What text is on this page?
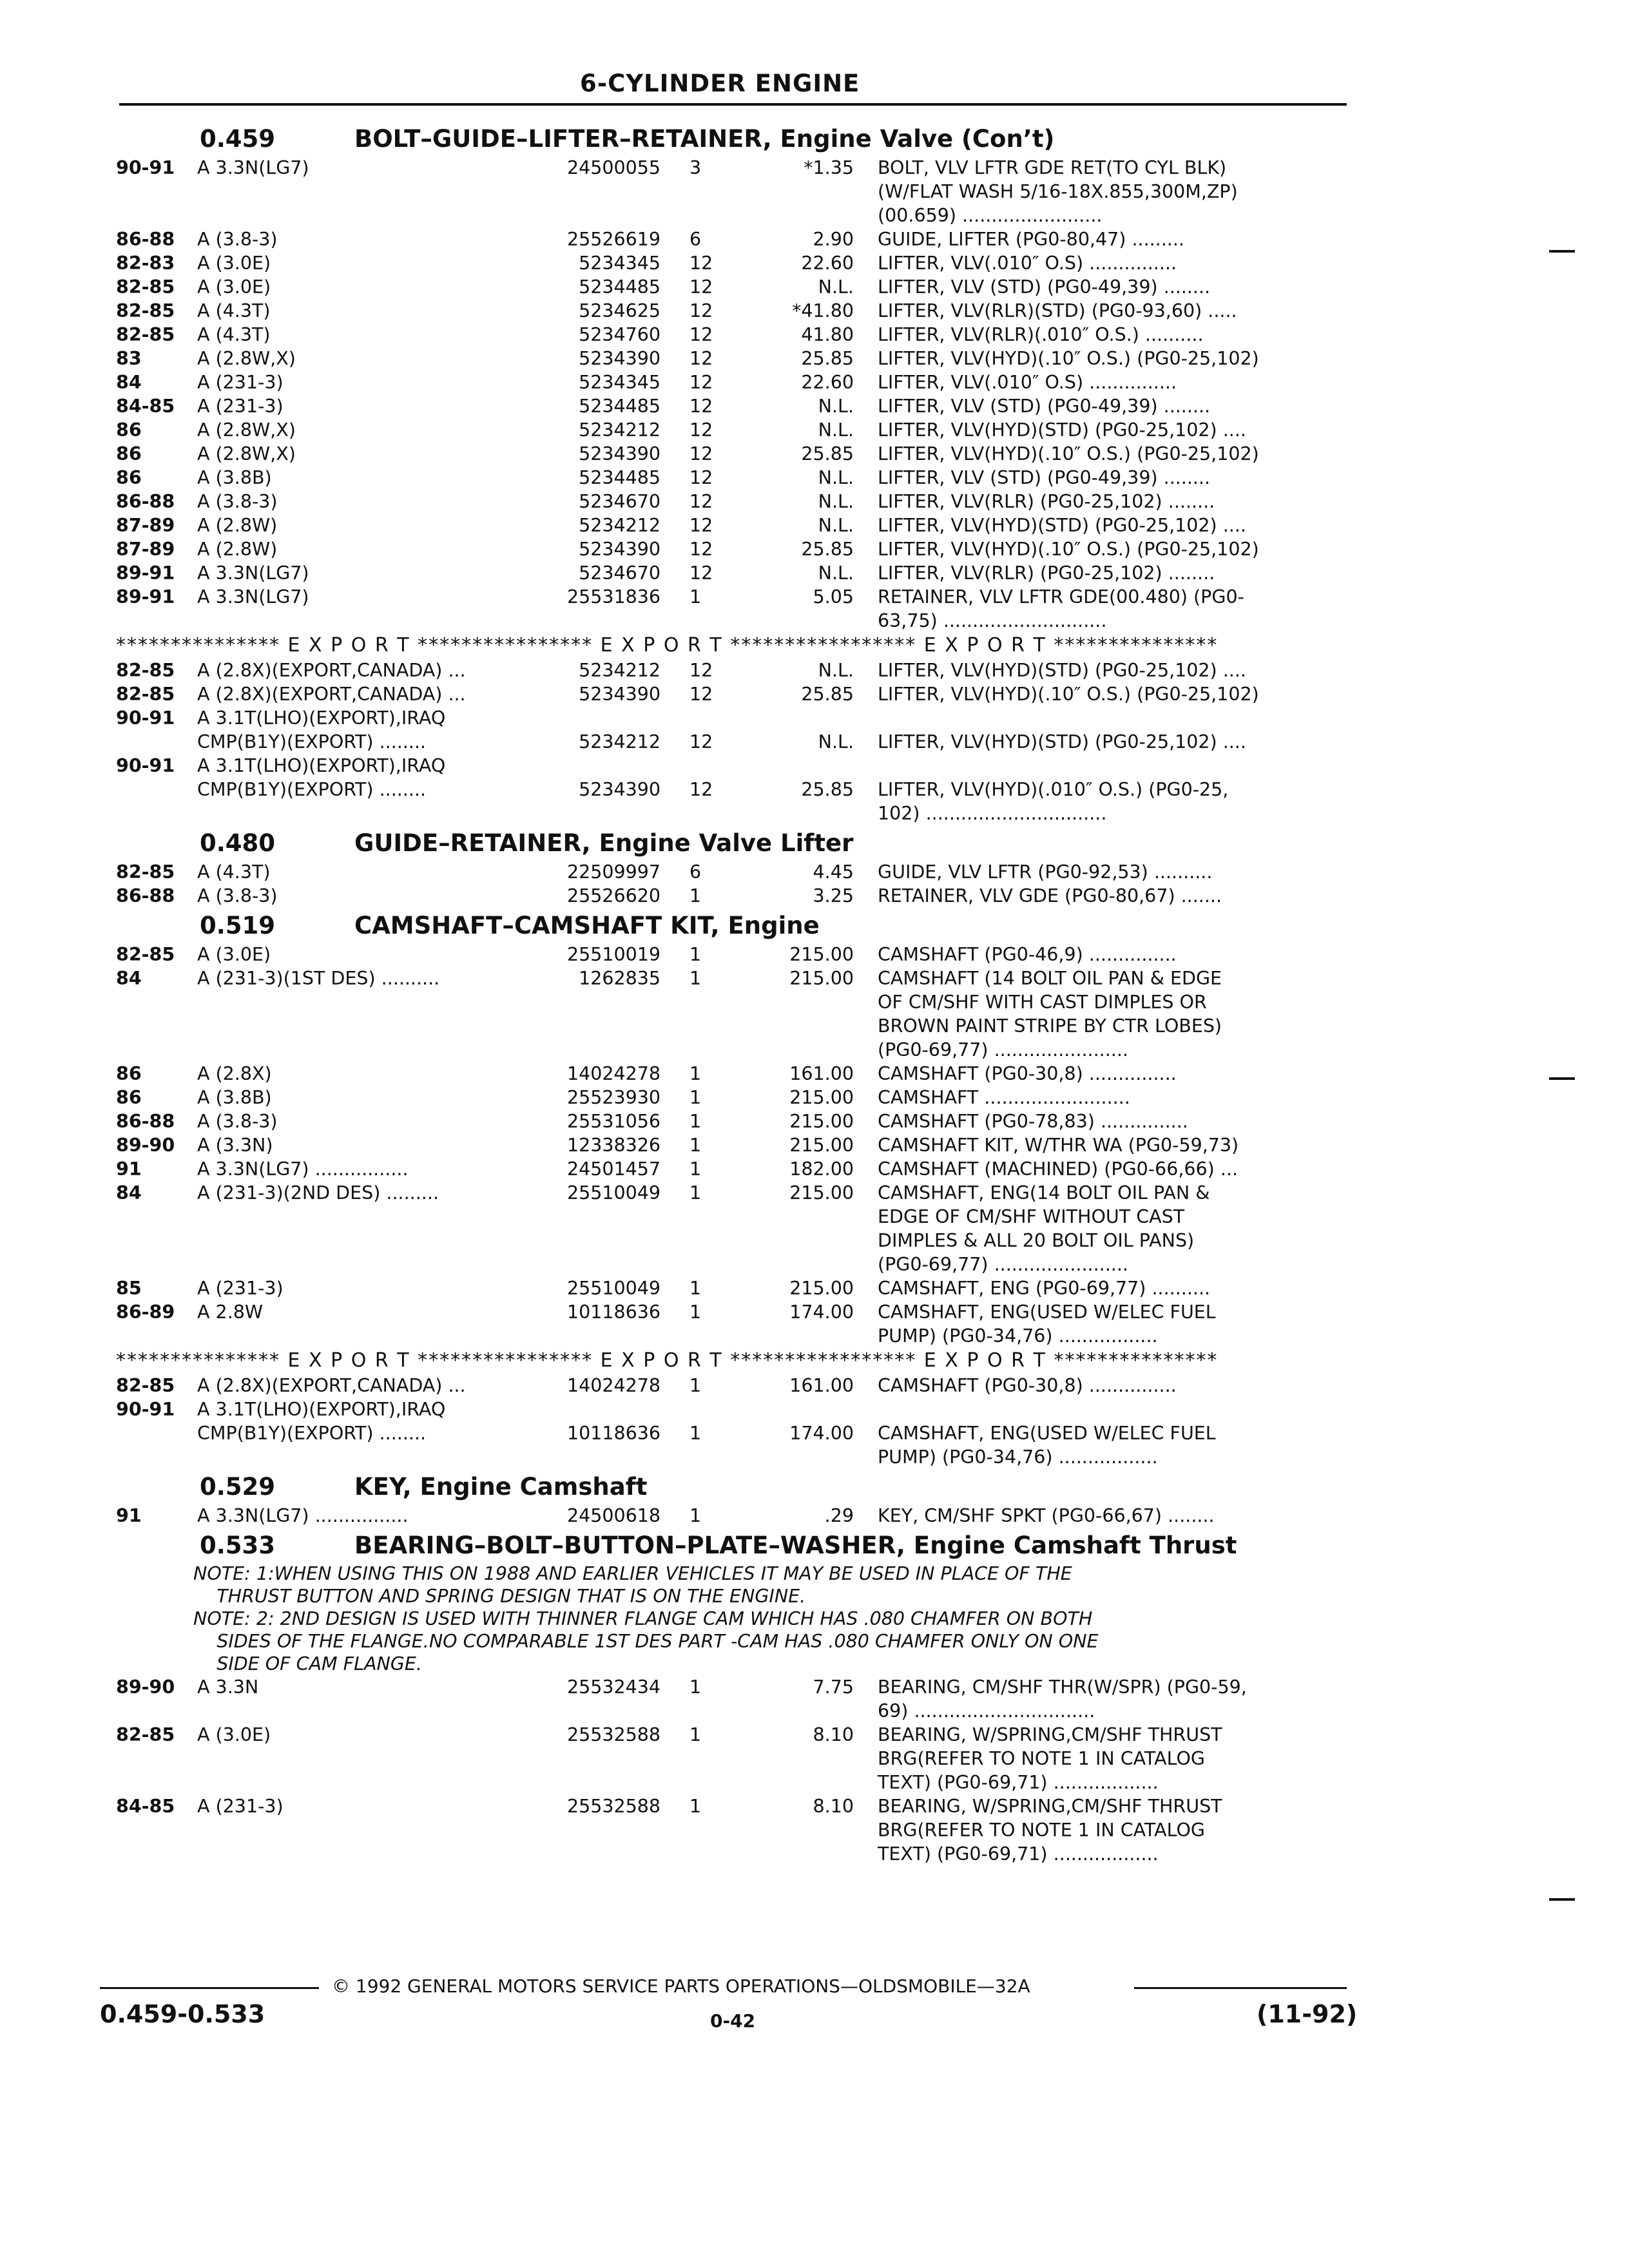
6-CYLINDER ENGINE
0.459	BOLT–GUIDE–LIFTER–RETAINER, Engine Valve (Con’t)
90-91 A 3.3N(LG7)	24500055 3	*1.35 BOLT, VLV LFTR GDE RET(TO CYL BLK)
(W/FLAT WASH 5/16-18X.855,300M,ZP)
(00.659) ........................
86-88 A (3.8-3)	25526619 6	2.90 GUIDE, LIFTER (PG0-80,47) .........
82-83 A (3.0E)	5234345 12	22.60 LIFTER, VLV(.010″ O.S) ...............
82-85 A (3.0E)	5234485 12	N.L. LIFTER, VLV (STD) (PG0-49,39) ........
82-85 A (4.3T)	5234625 12	*41.80 LIFTER, VLV(RLR)(STD) (PG0-93,60) .....
82-85 A (4.3T)	5234760 12	41.80 LIFTER, VLV(RLR)(.010″ O.S.) ..........
83	A (2.8W,X)	5234390 12	25.85 LIFTER, VLV(HYD)(.10″ O.S.) (PG0-25,102)
84	A (231-3)	5234345 12	22.60 LIFTER, VLV(.010″ O.S) ...............
84-85 A (231-3)	5234485 12	N.L. LIFTER, VLV (STD) (PG0-49,39) ........
86	A (2.8W,X)	5234212 12	N.L. LIFTER, VLV(HYD)(STD) (PG0-25,102) ....
86	A (2.8W,X)	5234390 12	25.85 LIFTER, VLV(HYD)(.10″ O.S.) (PG0-25,102)
86	A (3.8B)	5234485 12	N.L. LIFTER, VLV (STD) (PG0-49,39) ........
86-88 A (3.8-3)	5234670 12	N.L. LIFTER, VLV(RLR) (PG0-25,102) ........
87-89 A (2.8W)	5234212 12	N.L. LIFTER, VLV(HYD)(STD) (PG0-25,102) ....
87-89 A (2.8W)	5234390 12	25.85 LIFTER, VLV(HYD)(.10″ O.S.) (PG0-25,102)
89-91 A 3.3N(LG7)	5234670 12	N.L. LIFTER, VLV(RLR) (PG0-25,102) ........
89-91 A 3.3N(LG7)	25531836 1	5.05 RETAINER, VLV LFTR GDE(00.480) (PG0-
63,75) ............................
*************** E X P O R T **************** E X P O R T ***************** E X P O R T ***************
82-85 A (2.8X)(EXPORT,CANADA) ...	5234212 12	N.L. LIFTER, VLV(HYD)(STD) (PG0-25,102) ....
82-85 A (2.8X)(EXPORT,CANADA) ...	5234390 12	25.85 LIFTER, VLV(HYD)(.10″ O.S.) (PG0-25,102)
90-91 A 3.1T(LHO)(EXPORT),IRAQ
CMP(B1Y)(EXPORT) ........	5234212 12	N.L. LIFTER, VLV(HYD)(STD) (PG0-25,102) ....
90-91 A 3.1T(LHO)(EXPORT),IRAQ
CMP(B1Y)(EXPORT) ........	5234390 12	25.85 LIFTER, VLV(HYD)(.010″ O.S.) (PG0-25,
102) ...............................
0.480	GUIDE–RETAINER, Engine Valve Lifter
82-85 A (4.3T)	22509997 6	4.45 GUIDE, VLV LFTR (PG0-92,53) ..........
86-88 A (3.8-3)	25526620 1	3.25 RETAINER, VLV GDE (PG0-80,67) .......
0.519	CAMSHAFT–CAMSHAFT KIT, Engine
82-85 A (3.0E)	25510019 1	215.00 CAMSHAFT (PG0-46,9) ...............
84	A (231-3)(1ST DES) ..........	1262835 1	215.00 CAMSHAFT (14 BOLT OIL PAN & EDGE
OF CM/SHF WITH CAST DIMPLES OR
BROWN PAINT STRIPE BY CTR LOBES)
(PG0-69,77) .......................
86	A (2.8X)	14024278 1	161.00 CAMSHAFT (PG0-30,8) ...............
86	A (3.8B)	25523930 1	215.00 CAMSHAFT .........................
86-88 A (3.8-3)	25531056 1	215.00 CAMSHAFT (PG0-78,83) ...............
89-90 A (3.3N)	12338326 1	215.00 CAMSHAFT KIT, W/THR WA (PG0-59,73)
91	A 3.3N(LG7) ................	24501457 1	182.00 CAMSHAFT (MACHINED) (PG0-66,66) ...
84	A (231-3)(2ND DES) .........	25510049 1	215.00 CAMSHAFT, ENG(14 BOLT OIL PAN &
EDGE OF CM/SHF WITHOUT CAST
DIMPLES & ALL 20 BOLT OIL PANS)
(PG0-69,77) .......................
85	A (231-3)	25510049 1	215.00 CAMSHAFT, ENG (PG0-69,77) ..........
86-89 A 2.8W	10118636 1	174.00 CAMSHAFT, ENG(USED W/ELEC FUEL
PUMP) (PG0-34,76) .................
*************** E X P O R T **************** E X P O R T ***************** E X P O R T ***************
82-85 A (2.8X)(EXPORT,CANADA) ...	14024278 1	161.00 CAMSHAFT (PG0-30,8) ...............
90-91 A 3.1T(LHO)(EXPORT),IRAQ
CMP(B1Y)(EXPORT) ........	10118636 1	174.00 CAMSHAFT, ENG(USED W/ELEC FUEL
PUMP) (PG0-34,76) .................
0.529	KEY, Engine Camshaft
91	A 3.3N(LG7) ................	24500618 1	.29 KEY, CM/SHF SPKT (PG0-66,67) ........
0.533	BEARING–BOLT–BUTTON–PLATE–WASHER, Engine Camshaft Thrust
NOTE: 1:WHEN USING THIS ON 1988 AND EARLIER VEHICLES IT MAY BE USED IN PLACE OF THE
THRUST BUTTON AND SPRING DESIGN THAT IS ON THE ENGINE.
NOTE: 2: 2ND DESIGN IS USED WITH THINNER FLANGE CAM WHICH HAS .080 CHAMFER ON BOTH
SIDES OF THE FLANGE.NO COMPARABLE 1ST DES PART -CAM HAS .080 CHAMFER ONLY ON ONE
SIDE OF CAM FLANGE.
89-90 A 3.3N	25532434 1	7.75 BEARING, CM/SHF THR(W/SPR) (PG0-59,
69) ...............................
82-85 A (3.0E)	25532588 1	8.10 BEARING, W/SPRING,CM/SHF THRUST
BRG(REFER TO NOTE 1 IN CATALOG
TEXT) (PG0-69,71) ..................
84-85 A (231-3)	25532588 1	8.10 BEARING, W/SPRING,CM/SHF THRUST
BRG(REFER TO NOTE 1 IN CATALOG
TEXT) (PG0-69,71) ..................
© 1992 GENERAL MOTORS SERVICE PARTS OPERATIONS—OLDSMOBILE—32A
0.459-0.533	0-42	(11-92)
